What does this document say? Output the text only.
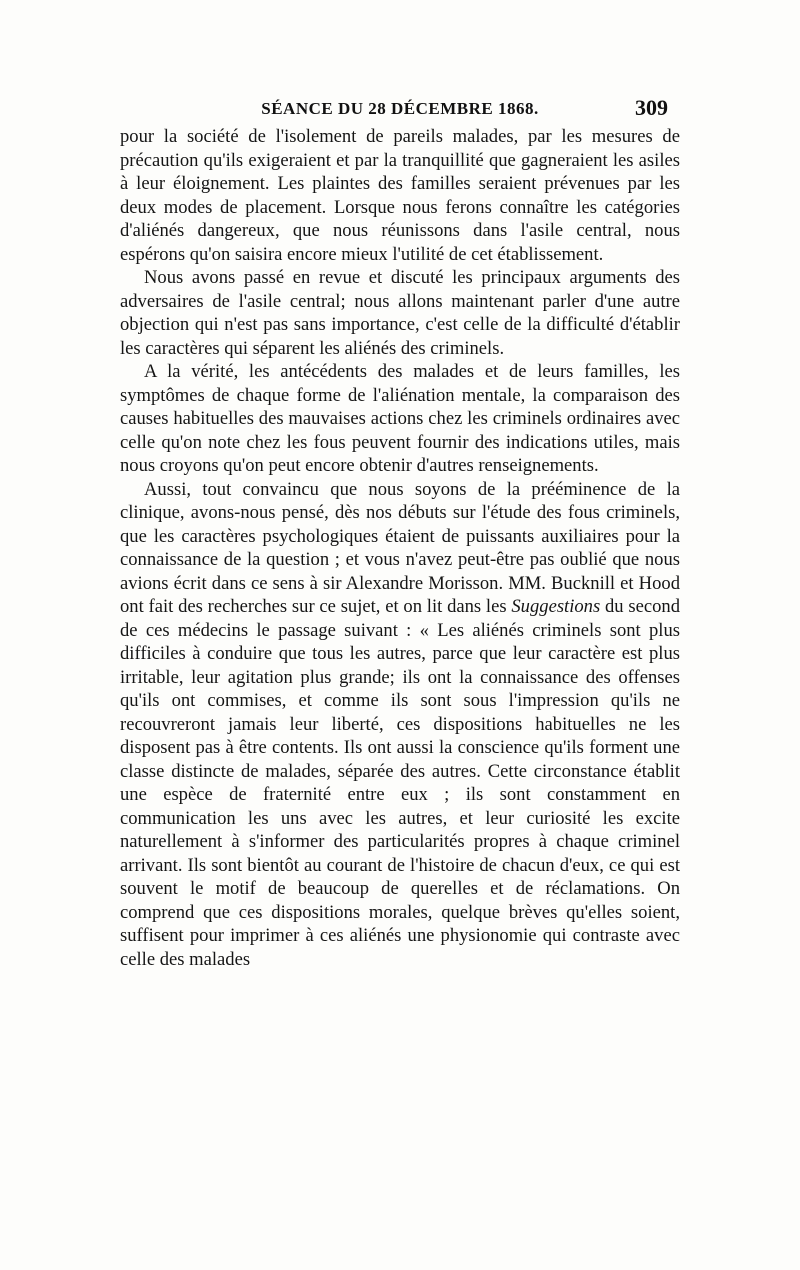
SÉANCE DU 28 DÉCEMBRE 1868.	309

pour la société de l'isolement de pareils malades, par les mesures de précaution qu'ils exigeraient et par la tranquillité que gagneraient les asiles à leur éloignement. Les plaintes des familles seraient prévenues par les deux modes de placement. Lorsque nous ferons connaître les catégories d'aliénés dangereux, que nous réunissons dans l'asile central, nous espérons qu'on saisira encore mieux l'utilité de cet établissement.

Nous avons passé en revue et discuté les principaux arguments des adversaires de l'asile central; nous allons maintenant parler d'une autre objection qui n'est pas sans importance, c'est celle de la difficulté d'établir les caractères qui séparent les aliénés des criminels.

A la vérité, les antécédents des malades et de leurs familles, les symptômes de chaque forme de l'aliénation mentale, la comparaison des causes habituelles des mauvaises actions chez les criminels ordinaires avec celle qu'on note chez les fous peuvent fournir des indications utiles, mais nous croyons qu'on peut encore obtenir d'autres renseignements.

Aussi, tout convaincu que nous soyons de la prééminence de la clinique, avons-nous pensé, dès nos débuts sur l'étude des fous criminels, que les caractères psychologiques étaient de puissants auxiliaires pour la connaissance de la question ; et vous n'avez peut-être pas oublié que nous avions écrit dans ce sens à sir Alexandre Morisson. MM. Bucknill et Hood ont fait des recherches sur ce sujet, et on lit dans les Suggestions du second de ces médecins le passage suivant : « Les aliénés criminels sont plus difficiles à conduire que tous les autres, parce que leur caractère est plus irritable, leur agitation plus grande; ils ont la connaissance des offenses qu'ils ont commises, et comme ils sont sous l'impression qu'ils ne recouvreront jamais leur liberté, ces dispositions habituelles ne les disposent pas à être contents. Ils ont aussi la conscience qu'ils forment une classe distincte de malades, séparée des autres. Cette circonstance établit une espèce de fraternité entre eux ; ils sont constamment en communication les uns avec les autres, et leur curiosité les excite naturellement à s'informer des particularités propres à chaque criminel arrivant. Ils sont bientôt au courant de l'histoire de chacun d'eux, ce qui est souvent le motif de beaucoup de querelles et de réclamations. On comprend que ces dispositions morales, quelque brèves qu'elles soient, suffisent pour imprimer à ces aliénés une physionomie qui contraste avec celle des malades
